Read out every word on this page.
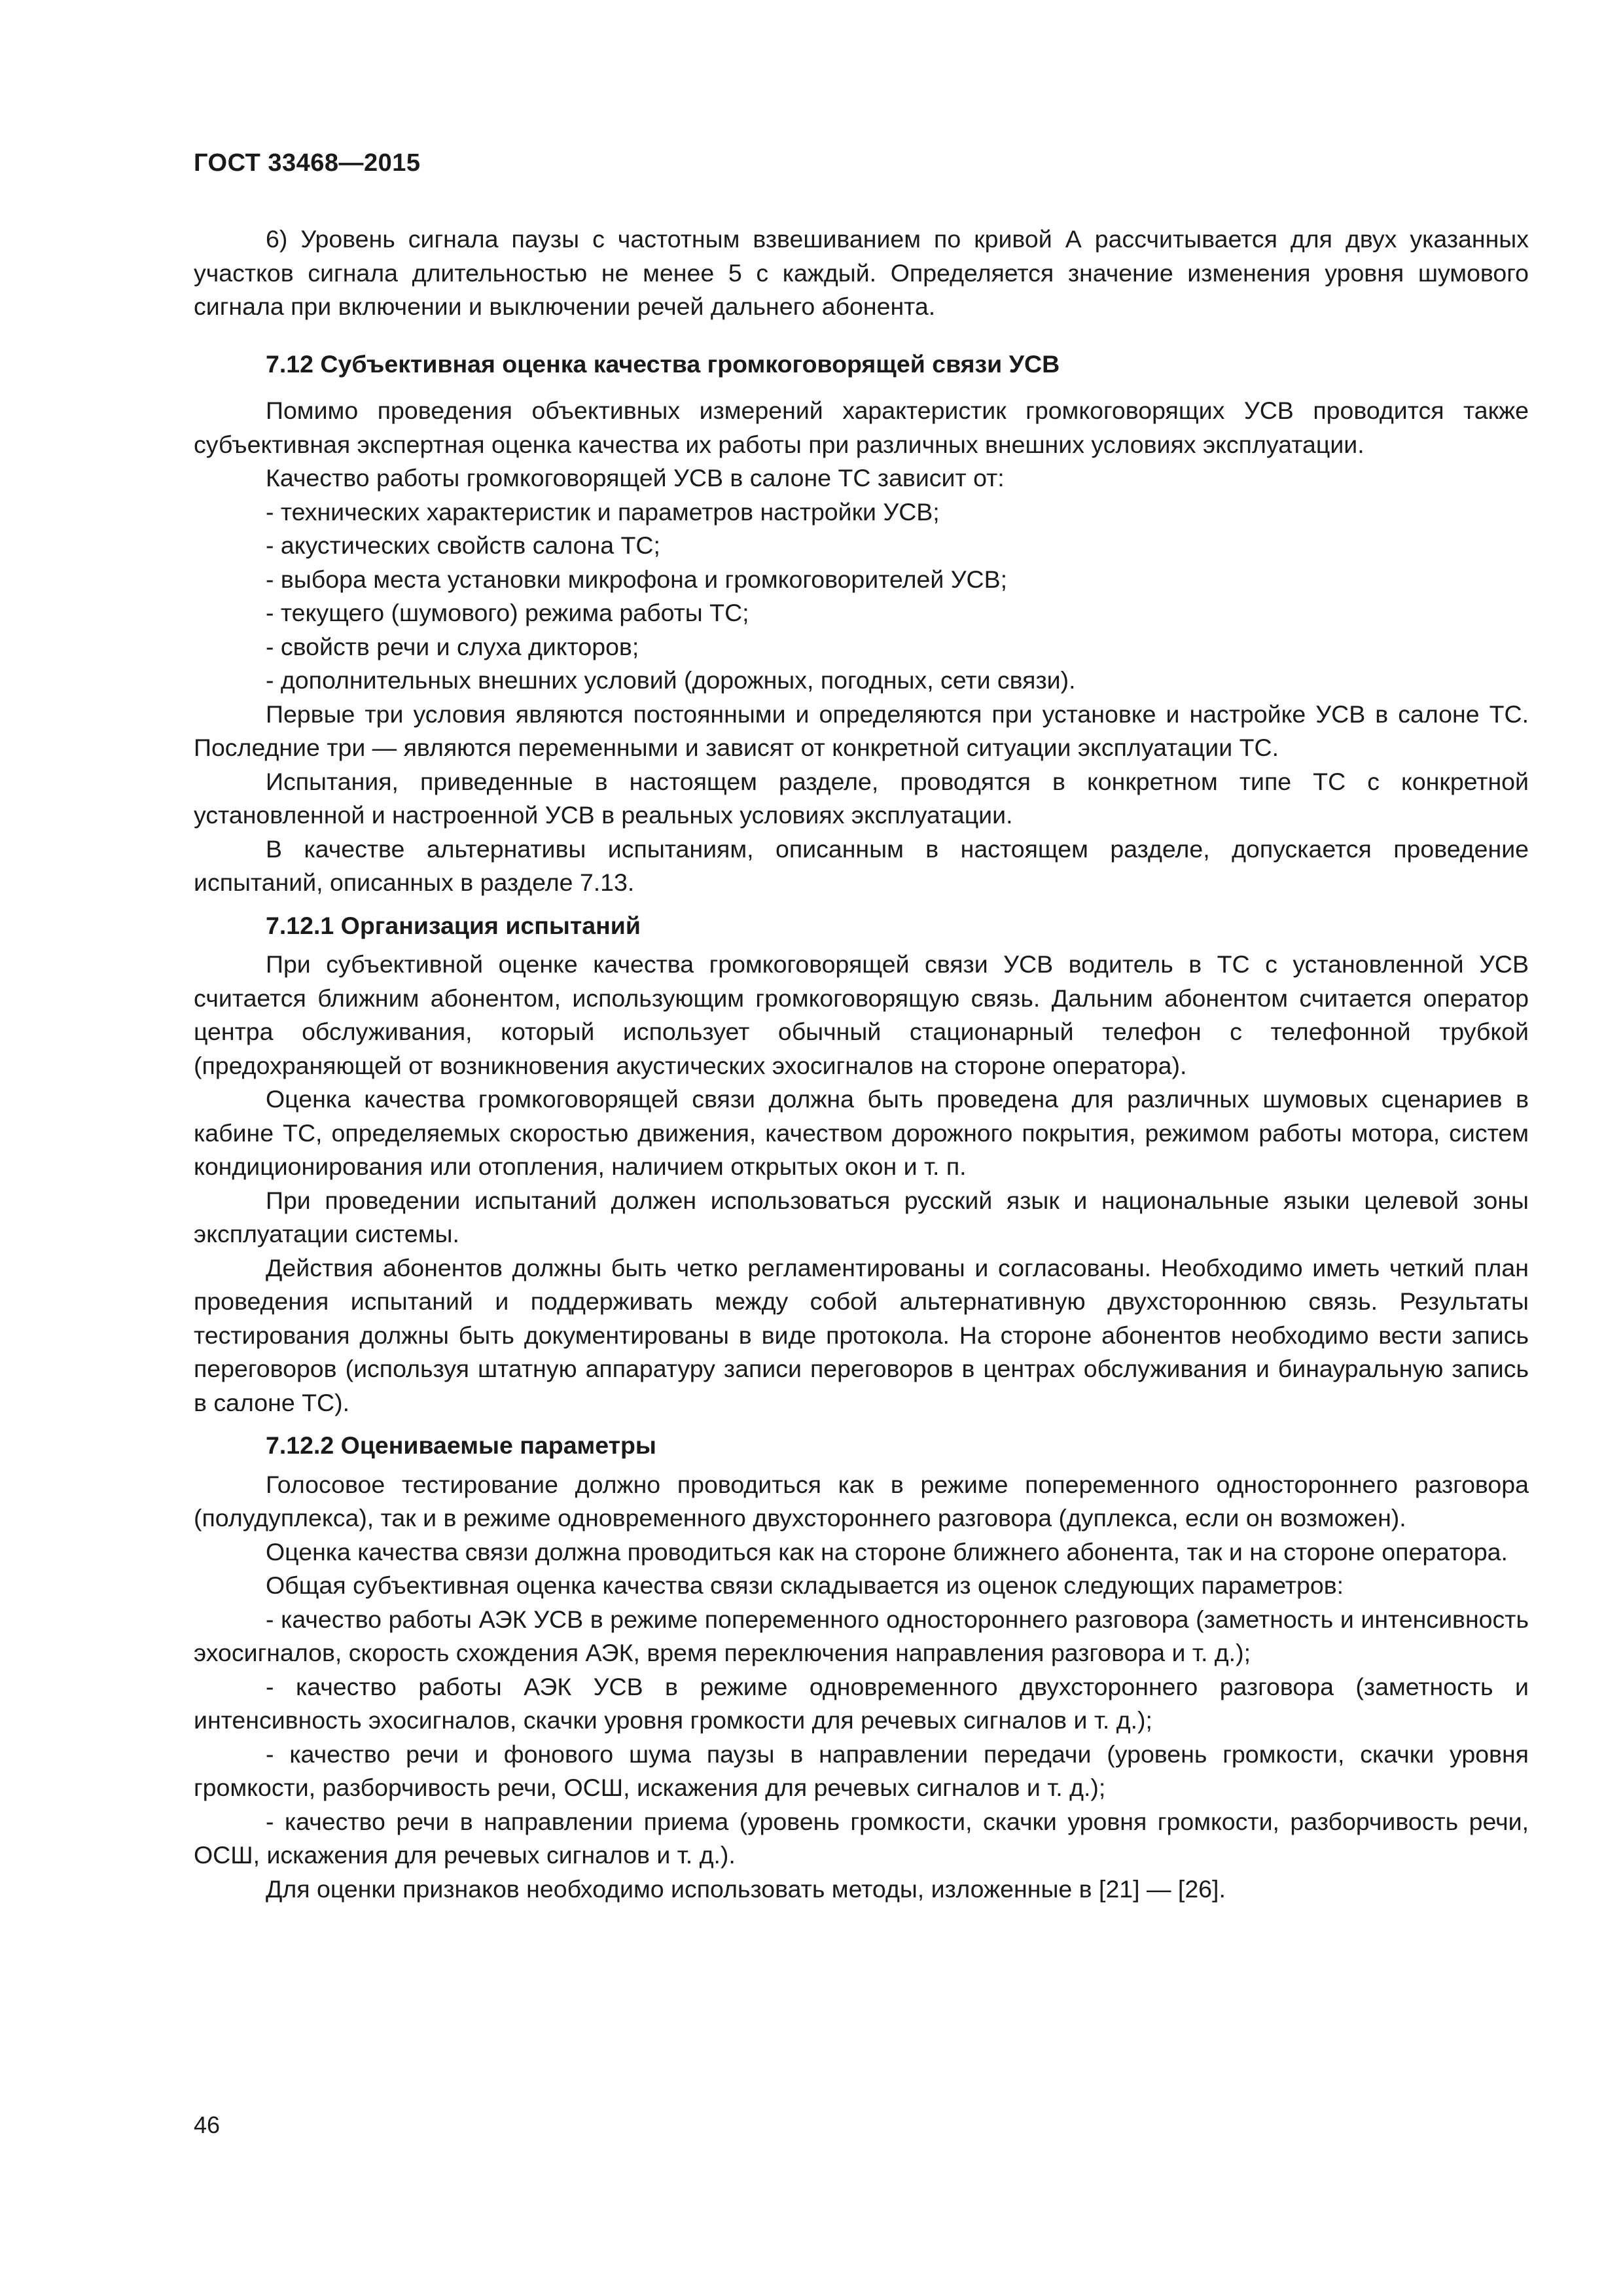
ГОСТ 33468—2015

6) Уровень сигнала паузы с частотным взвешиванием по кривой А рассчитывается для двух указанных участков сигнала длительностью не менее 5 с каждый. Определяется значение изменения уровня шумового сигнала при включении и выключении речей дальнего абонента.

7.12 Субъективная оценка качества громкоговорящей связи УСВ

Помимо проведения объективных измерений характеристик громкоговорящих УСВ проводится также субъективная экспертная оценка качества их работы при различных внешних условиях эксплуатации.

Качество работы громкоговорящей УСВ в салоне ТС зависит от:

- технических характеристик и параметров настройки УСВ;

- акустических свойств салона ТС;

- выбора места установки микрофона и громкоговорителей УСВ;

- текущего (шумового) режима работы ТС;

- свойств речи и слуха дикторов;

- дополнительных внешних условий (дорожных, погодных, сети связи).

Первые три условия являются постоянными и определяются при установке и настройке УСВ в салоне ТС. Последние три — являются переменными и зависят от конкретной ситуации эксплуатации ТС.

Испытания, приведенные в настоящем разделе, проводятся в конкретном типе ТС с конкретной установленной и настроенной УСВ в реальных условиях эксплуатации.

В качестве альтернативы испытаниям, описанным в настоящем разделе, допускается проведение испытаний, описанных в разделе 7.13.

7.12.1 Организация испытаний

При субъективной оценке качества громкоговорящей связи УСВ водитель в ТС с установленной УСВ считается ближним абонентом, использующим громкоговорящую связь. Дальним абонентом считается оператор центра обслуживания, который использует обычный стационарный телефон с телефонной трубкой (предохраняющей от возникновения акустических эхосигналов на стороне оператора).

Оценка качества громкоговорящей связи должна быть проведена для различных шумовых сценариев в кабине ТС, определяемых скоростью движения, качеством дорожного покрытия, режимом работы мотора, систем кондиционирования или отопления, наличием открытых окон и т. п.

При проведении испытаний должен использоваться русский язык и национальные языки целевой зоны эксплуатации системы.

Действия абонентов должны быть четко регламентированы и согласованы. Необходимо иметь четкий план проведения испытаний и поддерживать между собой альтернативную двухстороннюю связь. Результаты тестирования должны быть документированы в виде протокола. На стороне абонентов необходимо вести запись переговоров (используя штатную аппаратуру записи переговоров в центрах обслуживания и бинауральную запись в салоне ТС).

7.12.2 Оцениваемые параметры

Голосовое тестирование должно проводиться как в режиме попеременного одностороннего разговора (полудуплекса), так и в режиме одновременного двухстороннего разговора (дуплекса, если он возможен).

Оценка качества связи должна проводиться как на стороне ближнего абонента, так и на стороне оператора.

Общая субъективная оценка качества связи складывается из оценок следующих параметров:

- качество работы АЭК УСВ в режиме попеременного одностороннего разговора (заметность и интенсивность эхосигналов, скорость схождения АЭК, время переключения направления разговора и т. д.);

- качество работы АЭК УСВ в режиме одновременного двухстороннего разговора (заметность и интенсивность эхосигналов, скачки уровня громкости для речевых сигналов и т. д.);

- качество речи и фонового шума паузы в направлении передачи (уровень громкости, скачки уровня громкости, разборчивость речи, ОСШ, искажения для речевых сигналов и т. д.);

- качество речи в направлении приема (уровень громкости, скачки уровня громкости, разборчивость речи, ОСШ, искажения для речевых сигналов и т. д.).

Для оценки признаков необходимо использовать методы, изложенные в [21] — [26].

46
